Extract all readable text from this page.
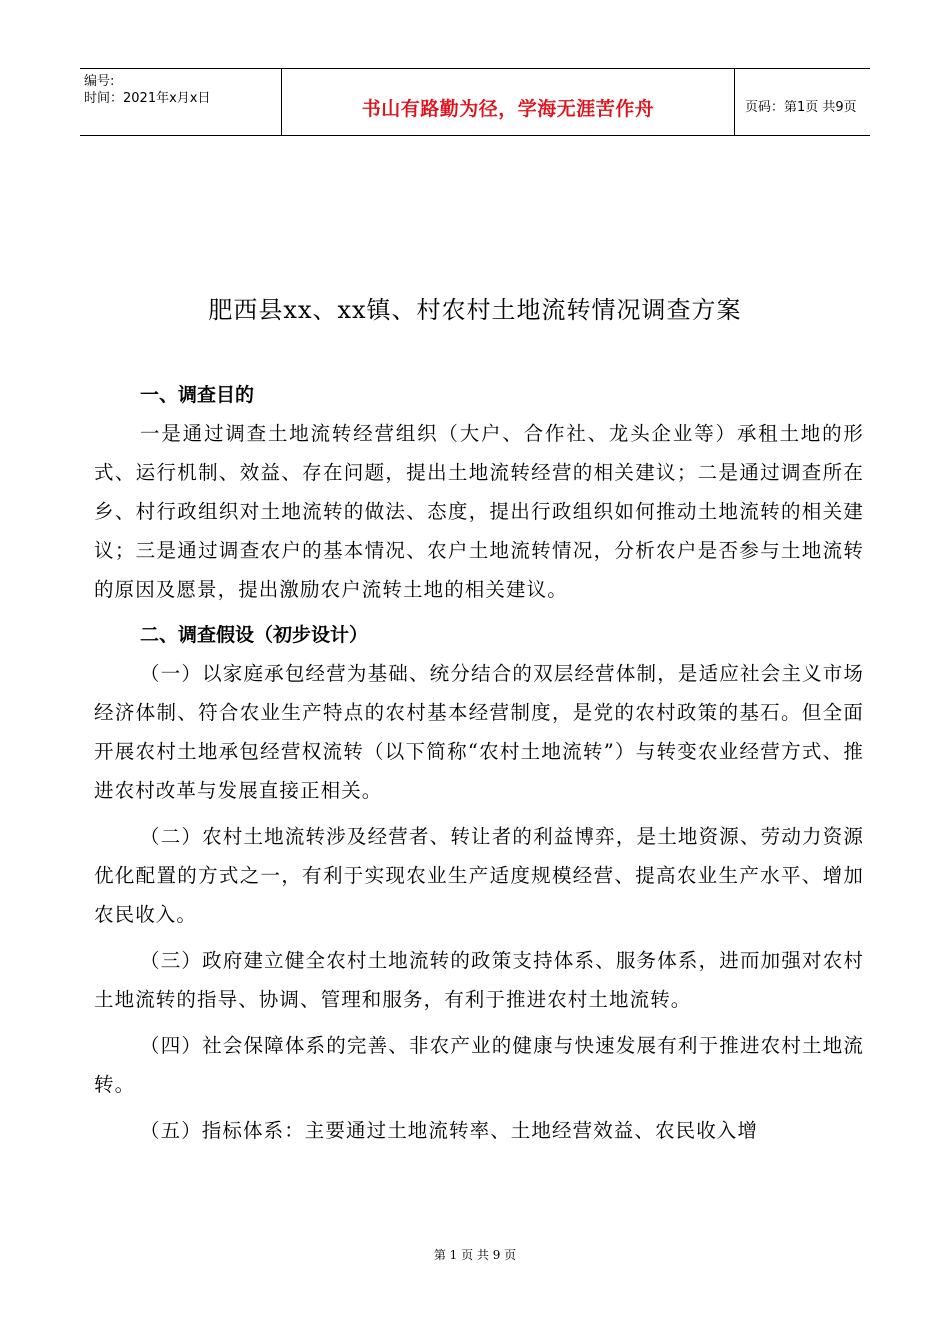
编号:
时间：2021年x月x日	书山有路勤为径，学海无涯苦作舟	页码：第1页 共9页
肥西县xx、xx镇、村农村土地流转情况调查方案

一、调查目的

一是通过调查土地流转经营组织（大户、合作社、龙头企业等）承租土地的形式、运行机制、效益、存在问题，提出土地流转经营的相关建议；二是通过调查所在乡、村行政组织对土地流转的做法、态度，提出行政组织如何推动土地流转的相关建议；三是通过调查农户的基本情况、农户土地流转情况，分析农户是否参与土地流转的原因及愿景，提出激励农户流转土地的相关建议。

二、调查假设（初步设计）

（一）以家庭承包经营为基础、统分结合的双层经营体制，是适应社会主义市场经济体制、符合农业生产特点的农村基本经营制度，是党的农村政策的基石。但全面开展农村土地承包经营权流转（以下简称“农村土地流转”）与转变农业经营方式、推进农村改革与发展直接正相关。

（二）农村土地流转涉及经营者、转让者的利益博弈，是土地资源、劳动力资源优化配置的方式之一，有利于实现农业生产适度规模经营、提高农业生产水平、增加农民收入。

（三）政府建立健全农村土地流转的政策支持体系、服务体系，进而加强对农村土地流转的指导、协调、管理和服务，有利于推进农村土地流转。

（四）社会保障体系的完善、非农产业的健康与快速发展有利于推进农村土地流转。

（五）指标体系：主要通过土地流转率、土地经营效益、农民收入增

第 1 页 共 9 页
